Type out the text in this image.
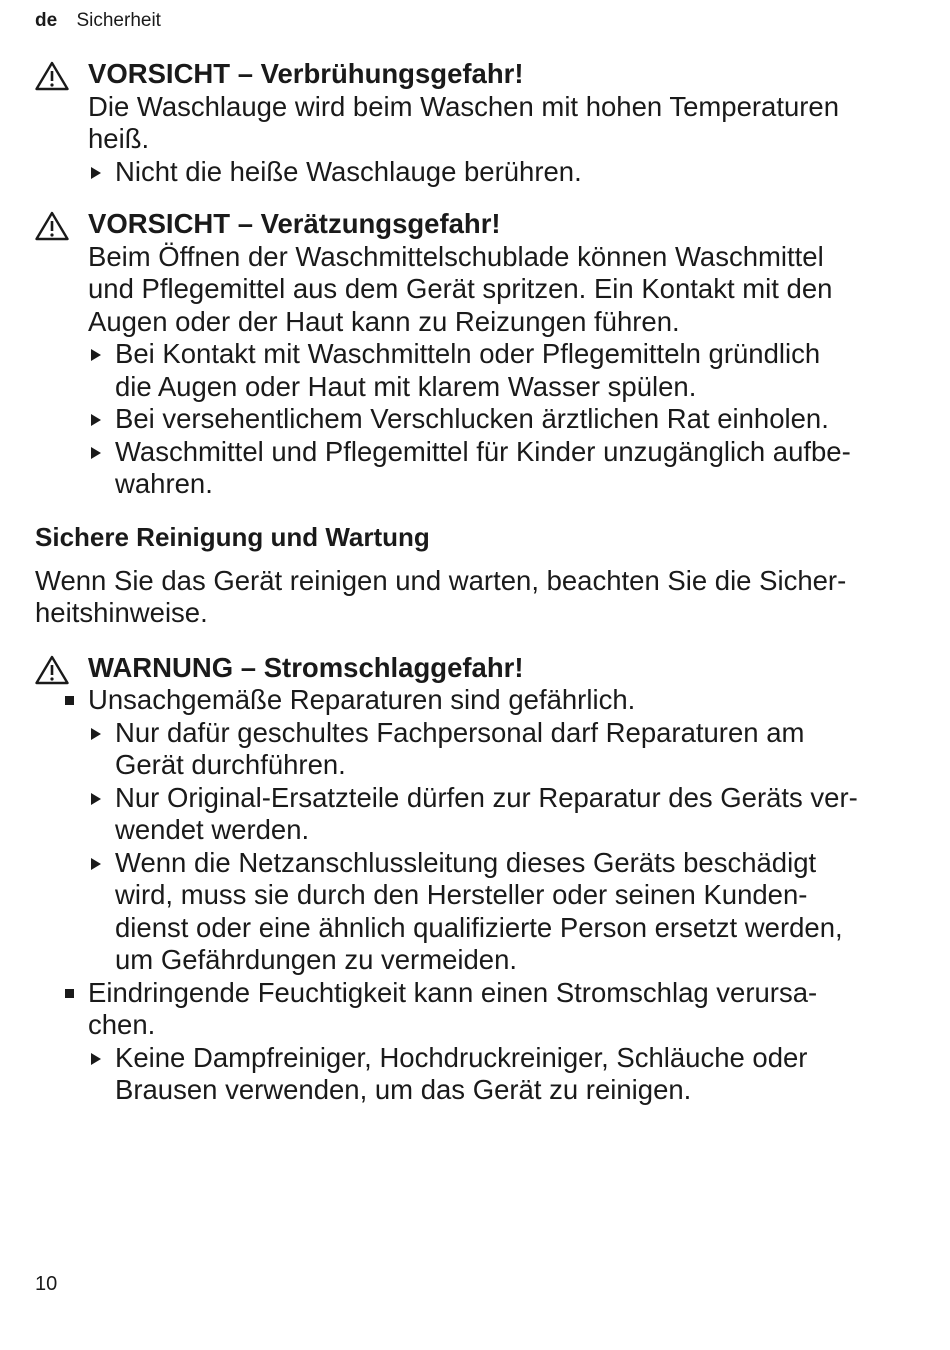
de Sicherheit
VORSICHT – Verbrühungsgefahr!
Die Waschlauge wird beim Waschen mit hohen Temperaturen
heiß.
Nicht die heiße Waschlauge berühren.
VORSICHT – Verätzungsgefahr!
Beim Öffnen der Waschmittelschublade können Waschmittel
und Pflegemittel aus dem Gerät spritzen. Ein Kontakt mit den
Augen oder der Haut kann zu Reizungen führen.
Bei Kontakt mit Waschmitteln oder Pflegemitteln gründlich
die Augen oder Haut mit klarem Wasser spülen.
Bei versehentlichem Verschlucken ärztlichen Rat einholen.
Waschmittel und Pflegemittel für Kinder unzugänglich aufbe-
wahren.
Sichere Reinigung und Wartung
Wenn Sie das Gerät reinigen und warten, beachten Sie die Sicher-
heitshinweise.
WARNUNG – Stromschlaggefahr!
Unsachgemäße Reparaturen sind gefährlich.
Nur dafür geschultes Fachpersonal darf Reparaturen am
Gerät durchführen.
Nur Original-Ersatzteile dürfen zur Reparatur des Geräts ver-
wendet werden.
Wenn die Netzanschlussleitung dieses Geräts beschädigt
wird, muss sie durch den Hersteller oder seinen Kunden-
dienst oder eine ähnlich qualifizierte Person ersetzt werden,
um Gefährdungen zu vermeiden.
Eindringende Feuchtigkeit kann einen Stromschlag verursa-
chen.
Keine Dampfreiniger, Hochdruckreiniger, Schläuche oder
Brausen verwenden, um das Gerät zu reinigen.
10
